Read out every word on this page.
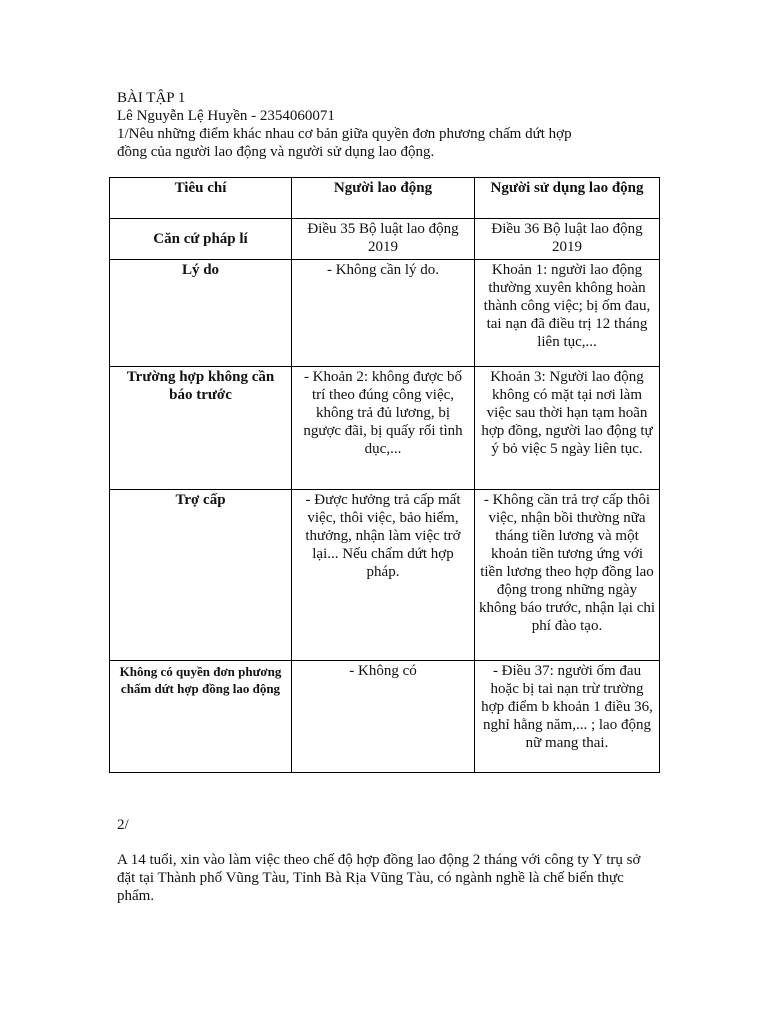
BÀI TẬP 1
Lê Nguyễn Lệ Huyền - 2354060071
1/Nêu những điểm khác nhau cơ bản giữa quyền đơn phương chấm dứt hợp
đồng của người lao động và người sử dụng lao động.
Tiêu chí	Người lao động	Người sử dụng lao động
Căn cứ pháp lí	Điều 35 Bộ luật lao động 2019	Điều 36 Bộ luật lao động 2019
Lý do	- Không cần lý do.	Khoản 1: người lao động thường xuyên không hoàn thành công việc; bị ốm đau, tai nạn đã điều trị 12 tháng liên tục,...
Trường hợp không cần báo trước	- Khoản 2: không được bố trí theo đúng công việc, không trả đủ lương, bị ngược đãi, bị quấy rối tình dục,...	Khoản 3: Người lao động không có mặt tại nơi làm việc sau thời hạn tạm hoãn hợp đồng, người lao động tự ý bỏ việc 5 ngày liên tục.
Trợ cấp	- Được hưởng trả cấp mất việc, thôi việc, bảo hiểm, thưởng, nhận làm việc trở lại... Nếu chấm dứt hợp pháp.	- Không cần trả trợ cấp thôi việc, nhận bồi thường nữa tháng tiền lương và một khoản tiền tương ứng với tiền lương theo hợp đồng lao động trong những ngày không báo trước, nhận lại chi phí đào tạo.
Không có quyền đơn phương chấm dứt hợp đồng lao động	- Không có	- Điều 37: người ốm đau hoặc bị tai nạn trừ trường hợp điểm b khoản 1 điều 36, nghỉ hằng năm,... ; lao động nữ mang thai.
2/
A 14 tuổi, xin vào làm việc theo chế độ hợp đồng lao động 2 tháng với công ty Y trụ sở đặt tại Thành phố Vũng Tàu, Tỉnh Bà Rịa Vũng Tàu, có ngành nghề là chế biến thực phẩm.
